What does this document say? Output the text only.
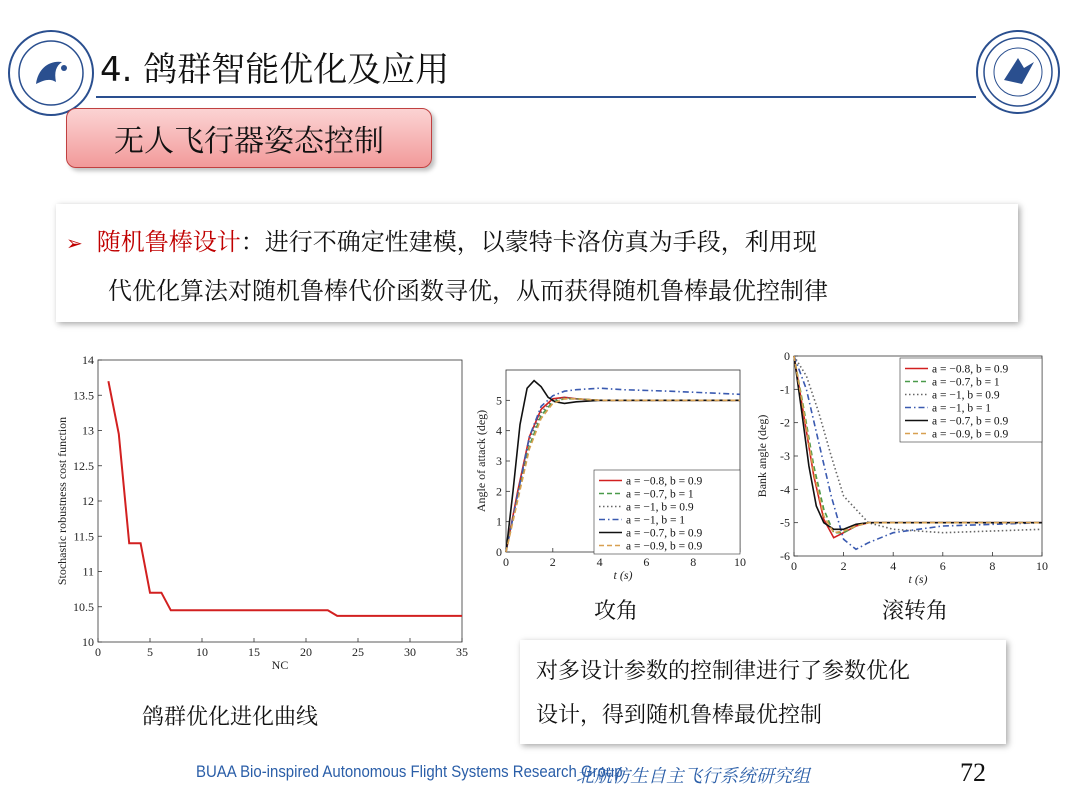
4. 鸽群智能优化及应用
无人飞行器姿态控制
➢ 随机鲁棒设计：进行不确定性建模，以蒙特卡洛仿真为手段，利用现
代优化算法对随机鲁棒代价函数寻优，从而获得随机鲁棒最优控制律
0	5	10	15	20	25	30	35
10
10.5
11
11.5
12
12.5
13
13.5
14
NC
Stochastic robustness cost function	0	2	4	6	8	10
0
1
2
3
4
5
t (s)
Angle of attack (deg)	a = −0.8, b = 0.9
a = −0.7, b = 1
a = −1, b = 0.9
a = −1, b = 1
a = −0.7, b = 0.9
a = −0.9, b = 0.9
0	2	4	6	8	10
0
-1
-2
-3
-4
-5
-6
t (s)
Bank angle (deg)
a = −0.8, b = 0.9
a = −0.7, b = 1
a = −1, b = 0.9
a = −1, b = 1
a = −0.7, b = 0.9
a = −0.9, b = 0.9
鸽群优化进化曲线
攻角	滚转角
对多设计参数的控制律进行了参数优化
设计，得到随机鲁棒最优控制
BUAA Bio-inspired Autonomous Flight Systems Research Group
北航仿生自主飞行系统研究组	72
